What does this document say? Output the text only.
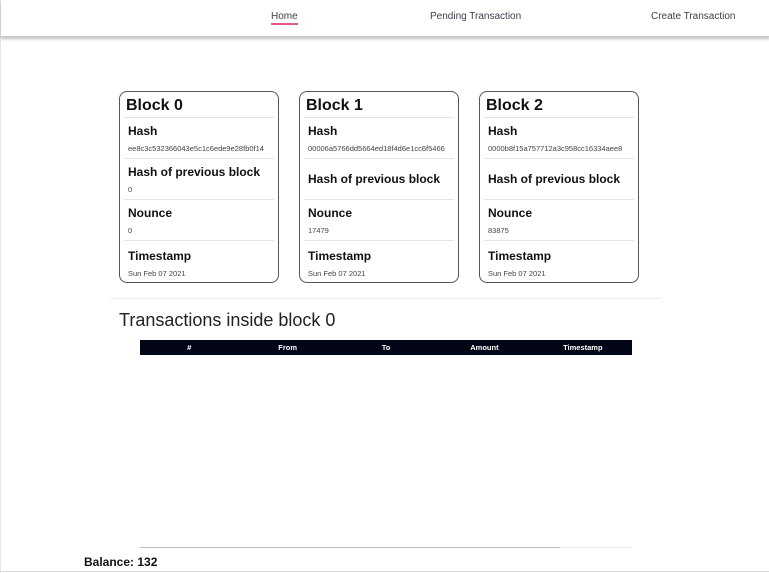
Home	Pending Transaction	Create Transaction
Block 0
Hash
ee8c3c532366043e5c1c6ede9e28fb0f14
Hash of previous block
0
Nounce
0
Timestamp
Sun Feb 07 2021
Block 1
Hash
00006a5766dd5664ed18f4d6e1cc6f5466
Hash of previous block
Nounce
17479
Timestamp
Sun Feb 07 2021
Block 2
Hash
0000b8f15a757712a3c958cc16334aee8
Hash of previous block
Nounce
83875
Timestamp
Sun Feb 07 2021
Transactions inside block 0
#	From	To	Amount	Timestamp
Balance: 132
